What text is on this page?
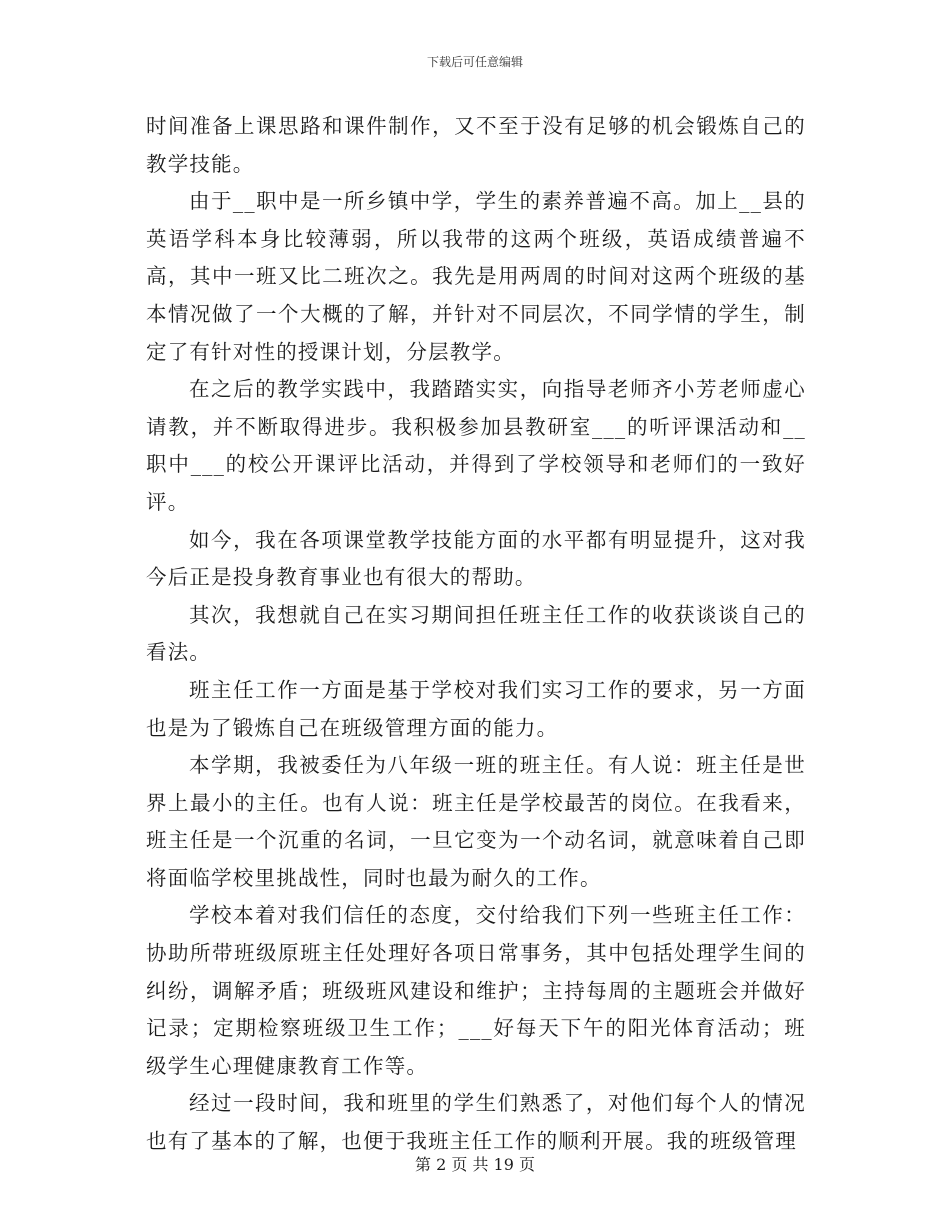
下载后可任意编辑

时间准备上课思路和课件制作，又不至于没有足够的机会锻炼自己的教学技能。

由于__职中是一所乡镇中学，学生的素养普遍不高。加上__县的英语学科本身比较薄弱，所以我带的这两个班级，英语成绩普遍不高，其中一班又比二班次之。我先是用两周的时间对这两个班级的基本情况做了一个大概的了解，并针对不同层次，不同学情的学生，制定了有针对性的授课计划，分层教学。

在之后的教学实践中，我踏踏实实，向指导老师齐小芳老师虚心请教，并不断取得进步。我积极参加县教研室___的听评课活动和__职中___的校公开课评比活动，并得到了学校领导和老师们的一致好评。

如今，我在各项课堂教学技能方面的水平都有明显提升，这对我今后正是投身教育事业也有很大的帮助。

其次，我想就自己在实习期间担任班主任工作的收获谈谈自己的看法。

班主任工作一方面是基于学校对我们实习工作的要求，另一方面也是为了锻炼自己在班级管理方面的能力。

本学期，我被委任为八年级一班的班主任。有人说：班主任是世界上最小的主任。也有人说：班主任是学校最苦的岗位。在我看来，班主任是一个沉重的名词，一旦它变为一个动名词，就意味着自己即将面临学校里挑战性，同时也最为耐久的工作。

学校本着对我们信任的态度，交付给我们下列一些班主任工作：协助所带班级原班主任处理好各项日常事务，其中包括处理学生间的纠纷，调解矛盾；班级班风建设和维护；主持每周的主题班会并做好记录；定期检察班级卫生工作；___好每天下午的阳光体育活动；班级学生心理健康教育工作等。

经过一段时间，我和班里的学生们熟悉了，对他们每个人的情况也有了基本的了解，也便于我班主任工作的顺利开展。我的班级管理

第 2 页 共 19 页
